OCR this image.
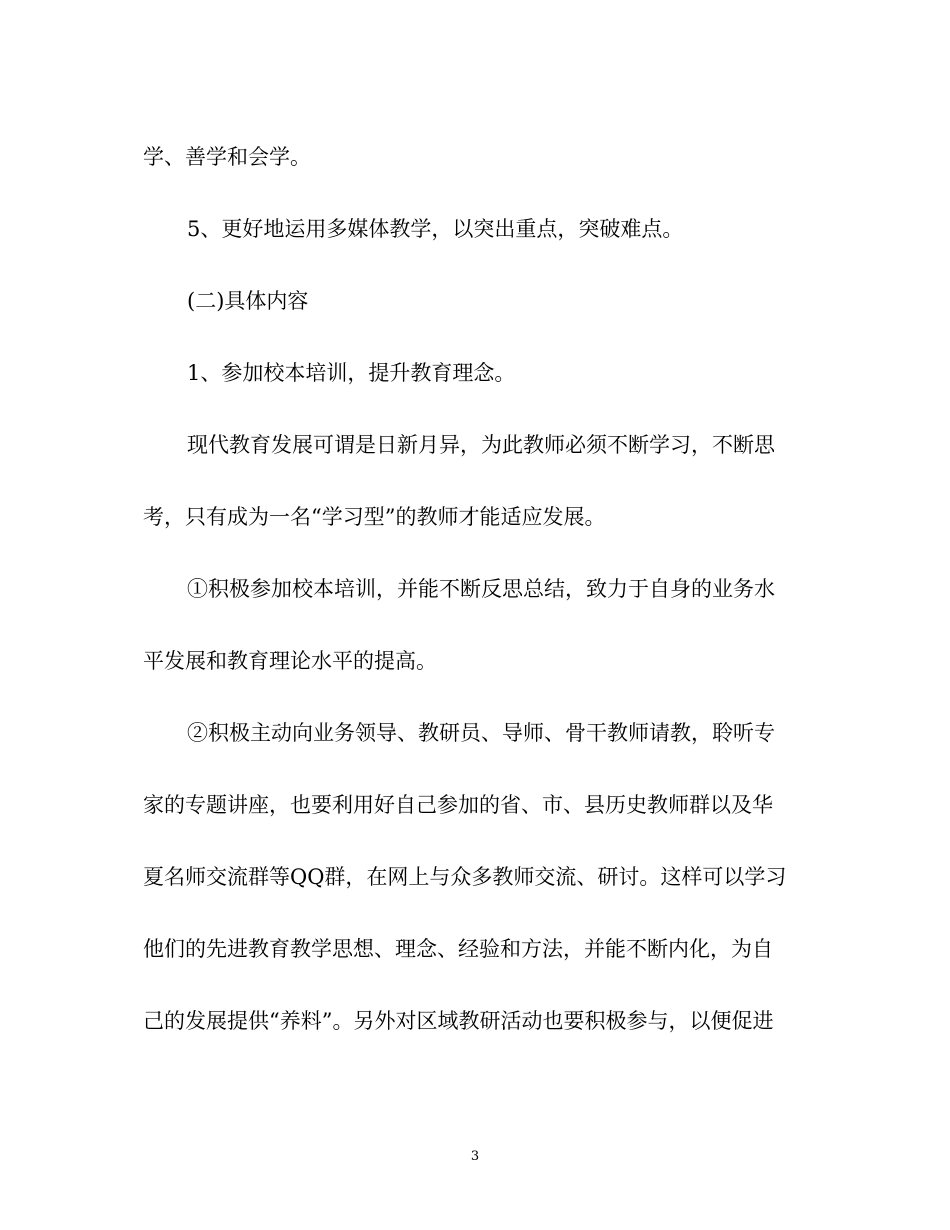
学、善学和会学。
5、更好地运用多媒体教学，以突出重点，突破难点。
(二)具体内容
1、参加校本培训，提升教育理念。
现代教育发展可谓是日新月异，为此教师必须不断学习，不断思
考，只有成为一名“学习型”的教师才能适应发展。
①积极参加校本培训，并能不断反思总结，致力于自身的业务水
平发展和教育理论水平的提高。
②积极主动向业务领导、教研员、导师、骨干教师请教，聆听专
家的专题讲座，也要利用好自己参加的省、市、县历史教师群以及华
夏名师交流群等QQ群，在网上与众多教师交流、研讨。这样可以学习
他们的先进教育教学思想、理念、经验和方法，并能不断内化，为自
己的发展提供“养料”。另外对区域教研活动也要积极参与，以便促进
3
